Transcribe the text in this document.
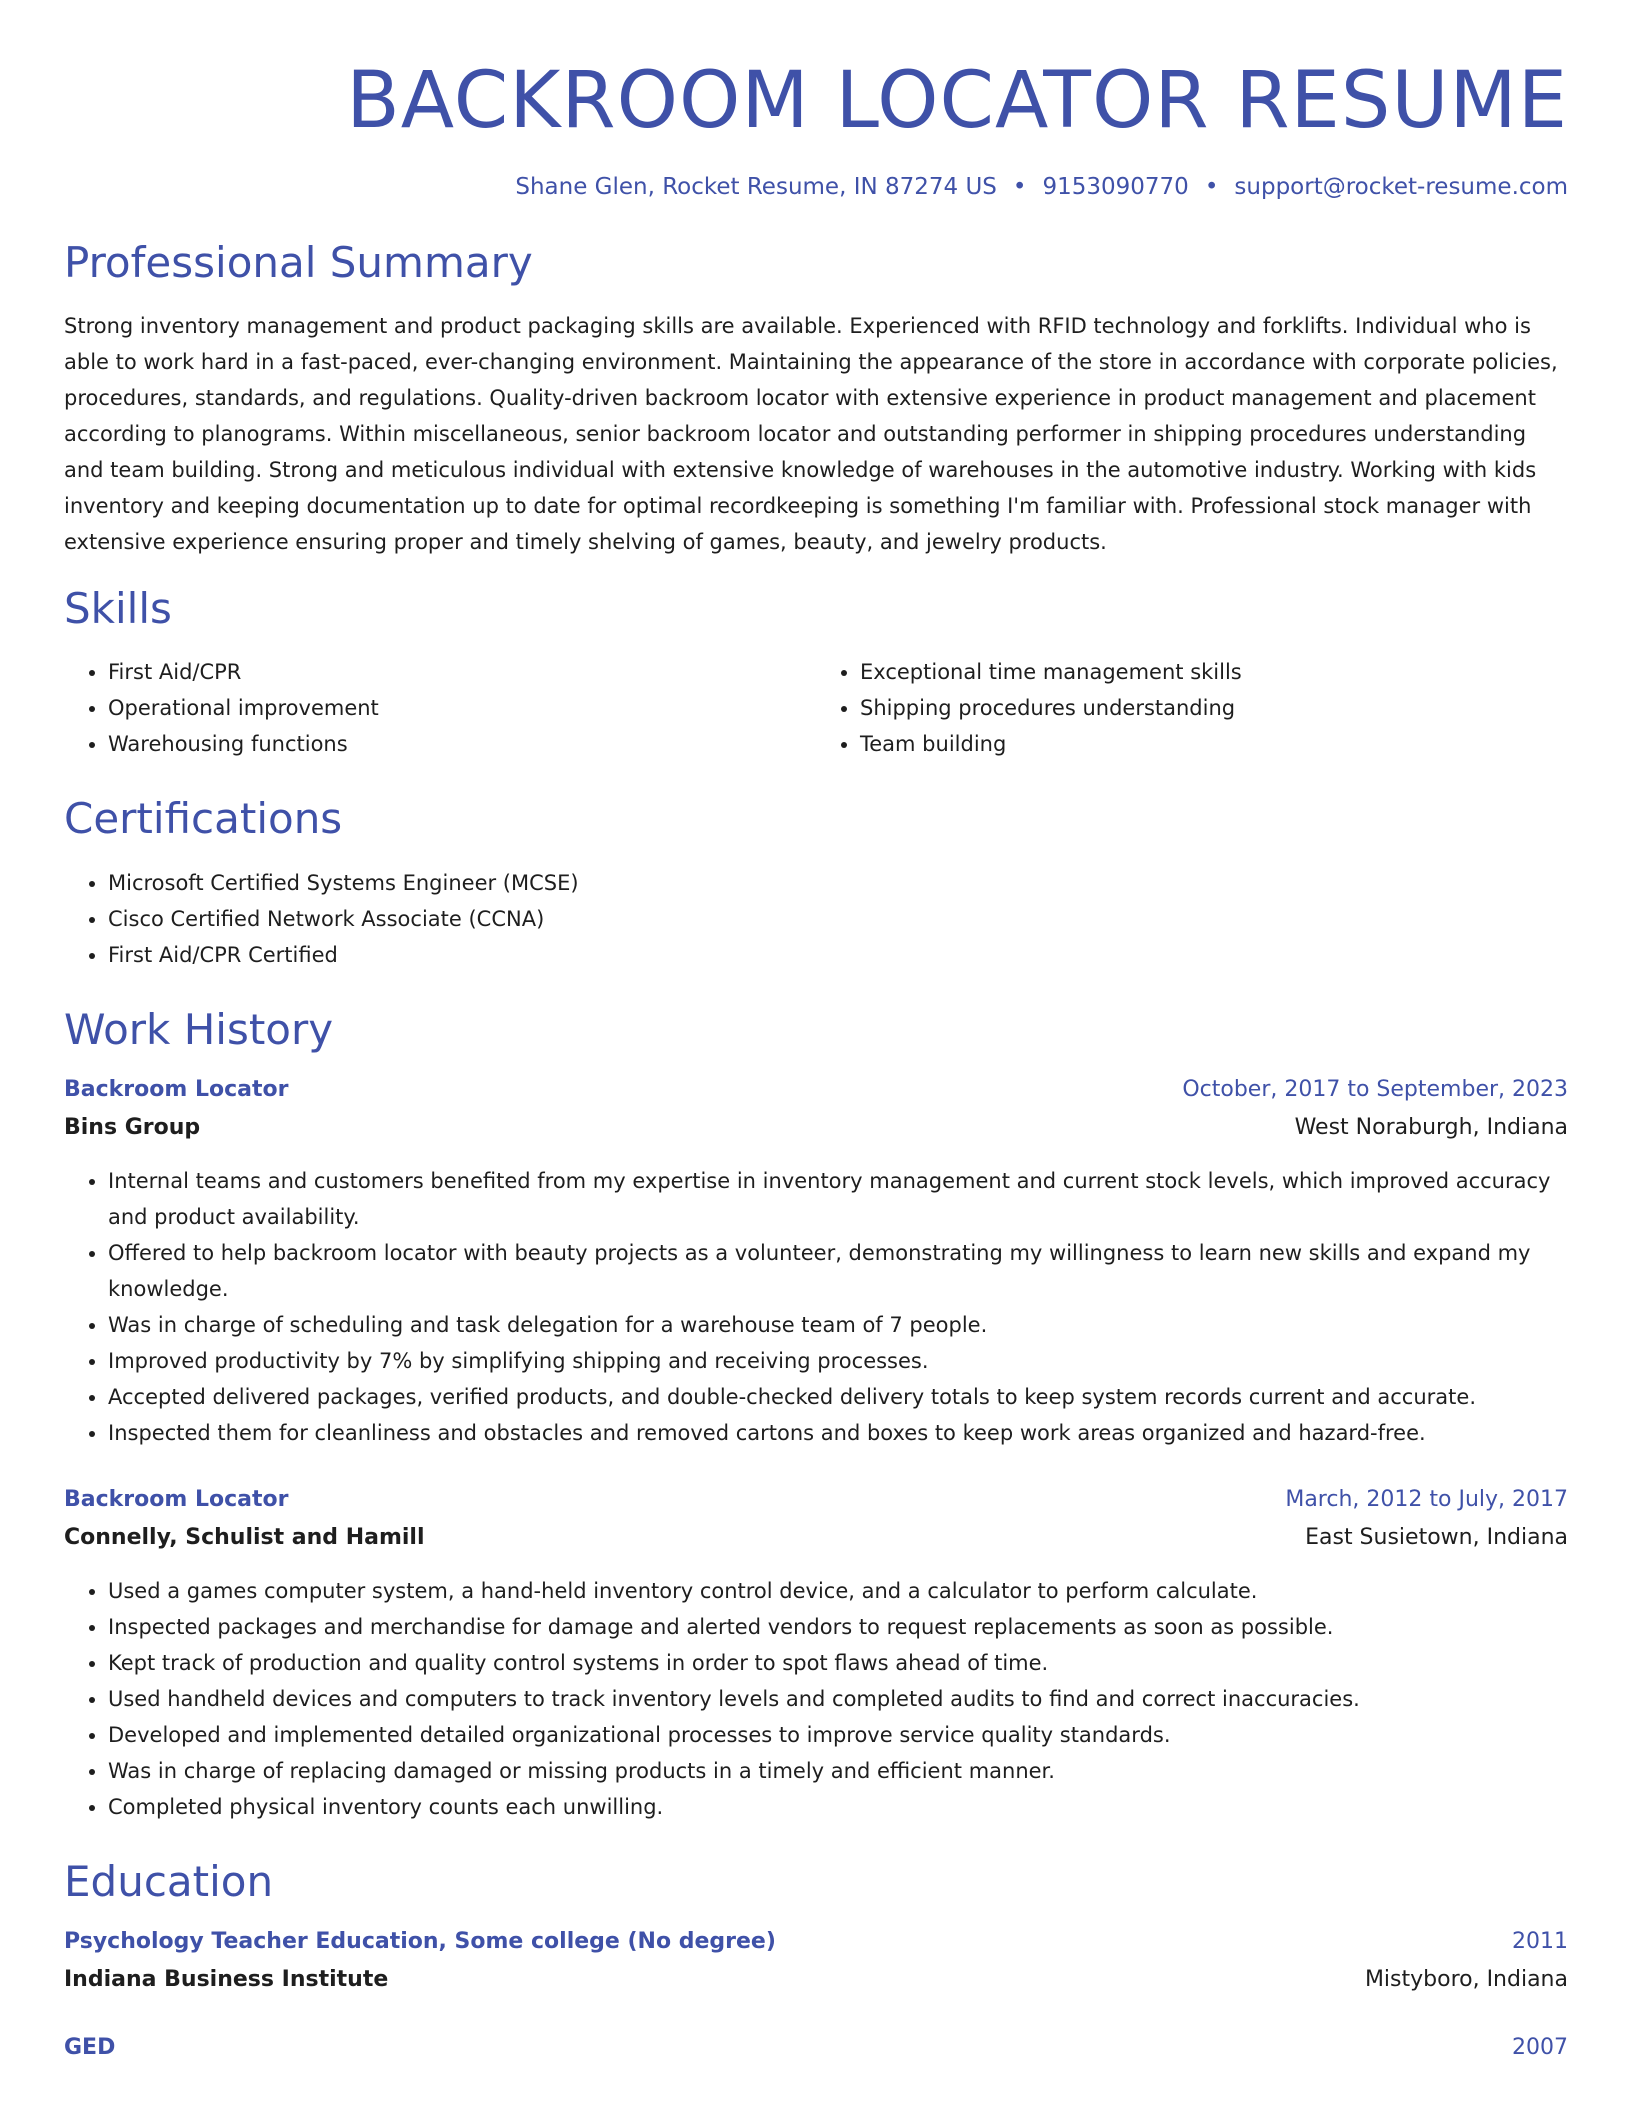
BACKROOM LOCATOR RESUME
Shane Glen, Rocket Resume, IN 87274 US • 9153090770 • support@rocket-resume.com
Professional Summary

Strong inventory management and product packaging skills are available. Experienced with RFID technology and forklifts. Individual who is able to work hard in a fast-paced, ever-changing environment. Maintaining the appearance of the store in accordance with corporate policies, procedures, standards, and regulations. Quality-driven backroom locator with extensive experience in product management and placement according to planograms. Within miscellaneous, senior backroom locator and outstanding performer in shipping procedures understanding and team building. Strong and meticulous individual with extensive knowledge of warehouses in the automotive industry. Working with kids inventory and keeping documentation up to date for optimal recordkeeping is something I'm familiar with. Professional stock manager with extensive experience ensuring proper and timely shelving of games, beauty, and jewelry products.

Skills
• First Aid/CPR
• Operational improvement
• Warehousing functions
• Exceptional time management skills
• Shipping procedures understanding
• Team building
Certifications
• Microsoft Certified Systems Engineer (MCSE)
• Cisco Certified Network Associate (CCNA)
• First Aid/CPR Certified
Work History
Backroom Locator	October, 2017 to September, 2023
Bins Group	West Noraburgh, Indiana
• Internal teams and customers benefited from my expertise in inventory management and current stock levels, which improved accuracy and product availability.
• Offered to help backroom locator with beauty projects as a volunteer, demonstrating my willingness to learn new skills and expand my knowledge.
• Was in charge of scheduling and task delegation for a warehouse team of 7 people.
• Improved productivity by 7% by simplifying shipping and receiving processes.
• Accepted delivered packages, verified products, and double-checked delivery totals to keep system records current and accurate.
• Inspected them for cleanliness and obstacles and removed cartons and boxes to keep work areas organized and hazard-free.
Backroom Locator	March, 2012 to July, 2017
Connelly, Schulist and Hamill	East Susietown, Indiana
• Used a games computer system, a hand-held inventory control device, and a calculator to perform calculate.
• Inspected packages and merchandise for damage and alerted vendors to request replacements as soon as possible.
• Kept track of production and quality control systems in order to spot flaws ahead of time.
• Used handheld devices and computers to track inventory levels and completed audits to find and correct inaccuracies.
• Developed and implemented detailed organizational processes to improve service quality standards.
• Was in charge of replacing damaged or missing products in a timely and efficient manner.
• Completed physical inventory counts each unwilling.
Education
Psychology Teacher Education, Some college (No degree)	2011
Indiana Business Institute	Mistyboro, Indiana
GED	2007
